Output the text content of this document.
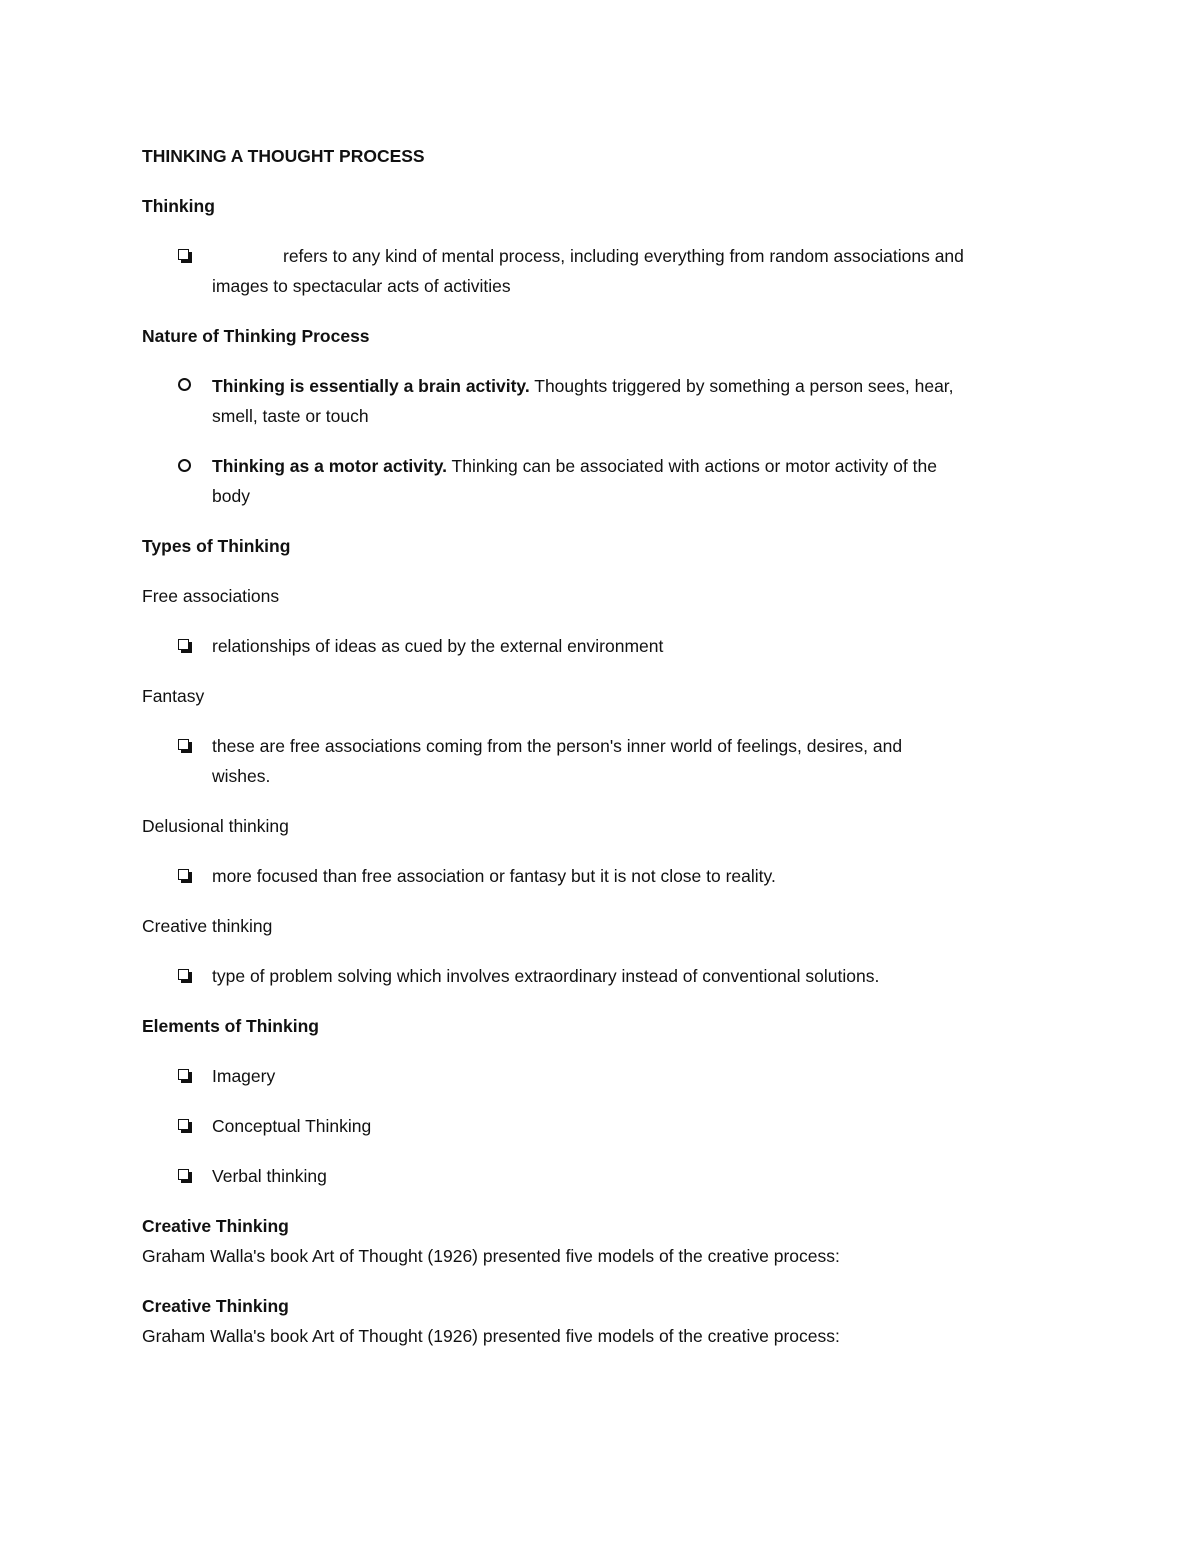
THINKING A THOUGHT PROCESS
Thinking
refers to any kind of mental process, including everything from random associations and
images to spectacular acts of activities
Nature of Thinking Process
Thinking is essentially a brain activity. Thoughts triggered by something a person sees, hear,
smell, taste or touch
Thinking as a motor activity. Thinking can be associated with actions or motor activity of the
body
Types of Thinking
Free associations
relationships of ideas as cued by the external environment
Fantasy
these are free associations coming from the person's inner world of feelings, desires, and
wishes.
Delusional thinking
more focused than free association or fantasy but it is not close to reality.
Creative thinking
type of problem solving which involves extraordinary instead of conventional solutions.
Elements of Thinking
Imagery
Conceptual Thinking
Verbal thinking
Creative Thinking
Graham Walla's book Art of Thought (1926) presented five models of the creative process:
Creative Thinking
Graham Walla's book Art of Thought (1926) presented five models of the creative process:
